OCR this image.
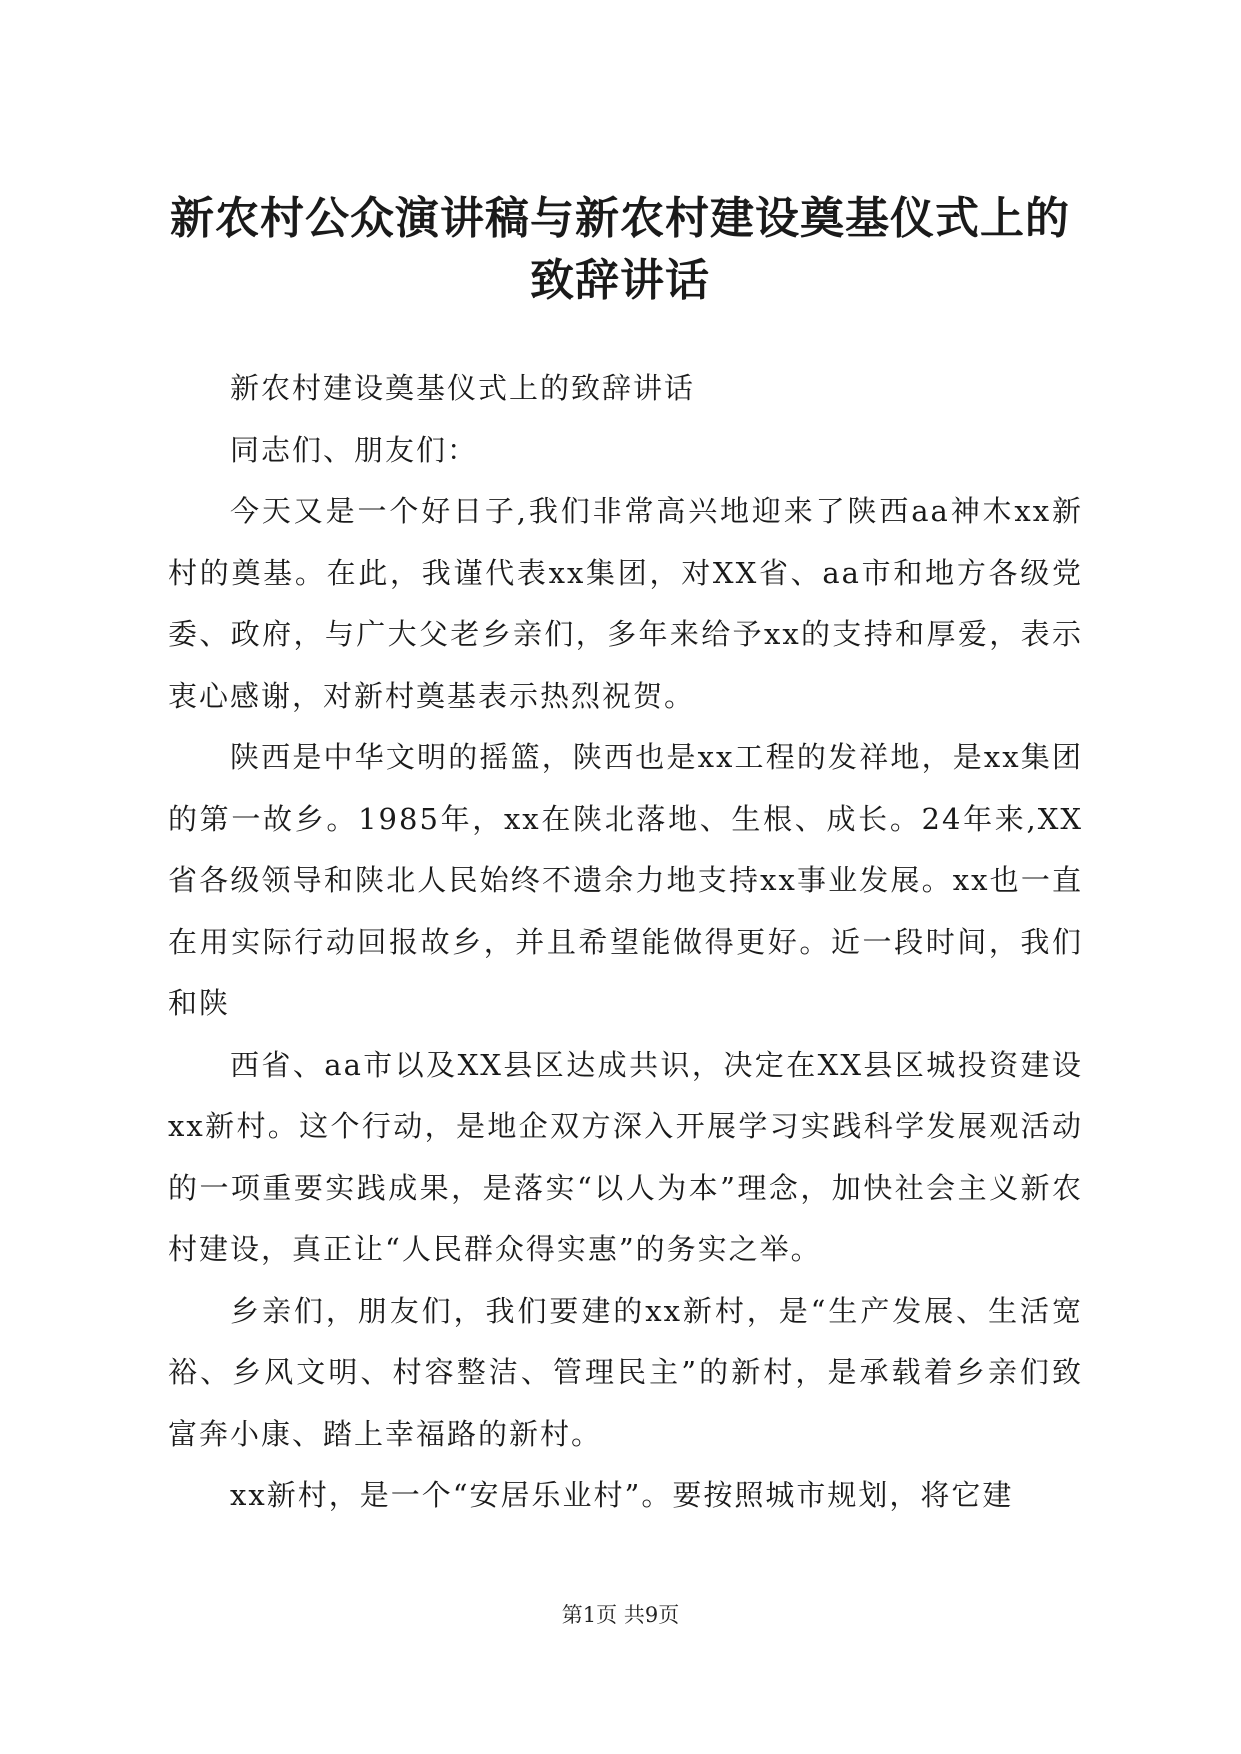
新农村公众演讲稿与新农村建设奠基仪式上的
致辞讲话

新农村建设奠基仪式上的致辞讲话

同志们、朋友们：

今天又是一个好日子,我们非常高兴地迎来了陕西aa神木xx新村的奠基。在此，我谨代表xx集团，对XX省、aa市和地方各级党委、政府，与广大父老乡亲们，多年来给予xx的支持和厚爱，表示衷心感谢，对新村奠基表示热烈祝贺。

陕西是中华文明的摇篮，陕西也是xx工程的发祥地，是xx集团的第一故乡。1985年，xx在陕北落地、生根、成长。24年来,XX省各级领导和陕北人民始终不遗余力地支持xx事业发展。xx也一直在用实际行动回报故乡，并且希望能做得更好。近一段时间，我们和陕

西省、aa市以及XX县区达成共识，决定在XX县区城投资建设xx新村。这个行动，是地企双方深入开展学习实践科学发展观活动的一项重要实践成果，是落实“以人为本”理念，加快社会主义新农村建设，真正让“人民群众得实惠”的务实之举。

乡亲们，朋友们，我们要建的xx新村，是“生产发展、生活宽裕、乡风文明、村容整洁、管理民主”的新村，是承载着乡亲们致富奔小康、踏上幸福路的新村。

xx新村，是一个“安居乐业村”。要按照城市规划，将它建

第1页 共9页
